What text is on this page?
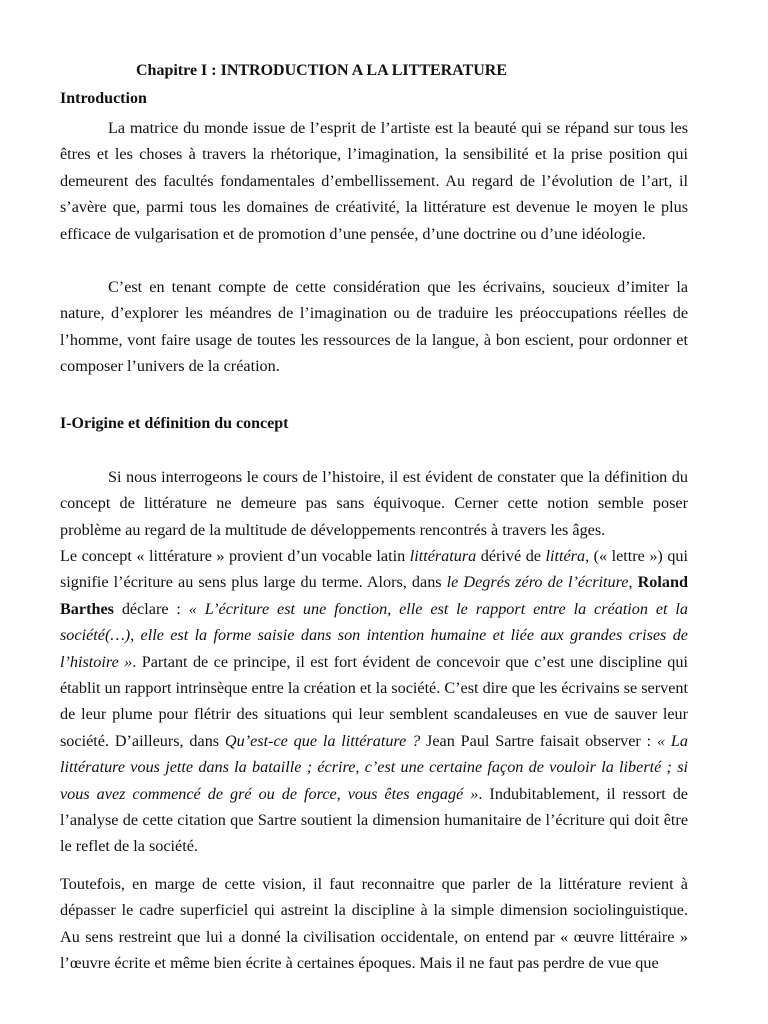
Chapitre I : INTRODUCTION A LA LITTERATURE
Introduction

La matrice du monde issue de l’esprit de l’artiste est la beauté qui se répand sur tous les êtres et les choses à travers la rhétorique, l’imagination, la sensibilité et la prise position qui demeurent des facultés fondamentales d’embellissement. Au regard de l’évolution de l’art, il s’avère que, parmi tous les domaines de créativité, la littérature est devenue le moyen le plus efficace de vulgarisation et de promotion d’une pensée, d’une doctrine ou d’une idéologie.

C’est en tenant compte de cette considération que les écrivains, soucieux d’imiter la nature, d’explorer les méandres de l’imagination ou de traduire les préoccupations réelles de l’homme, vont faire usage de toutes les ressources de la langue, à bon escient, pour ordonner et composer l’univers de la création.

I-Origine et définition du concept

Si nous interrogeons le cours de l’histoire, il est évident de constater que la définition du concept de littérature ne demeure pas sans équivoque. Cerner cette notion semble poser problème au regard de la multitude de développements rencontrés à travers les âges.

Le concept « littérature » provient d’un vocable latin littératura dérivé de littéra, (« lettre ») qui signifie l’écriture au sens plus large du terme. Alors, dans le Degrés zéro de l’écriture, Roland Barthes déclare : « L’écriture est une fonction, elle est le rapport entre la création et la société(…), elle est la forme saisie dans son intention humaine et liée aux grandes crises de l’histoire ». Partant de ce principe, il est fort évident de concevoir que c’est une discipline qui établit un rapport intrinsèque entre la création et la société. C’est dire que les écrivains se servent de leur plume pour flétrir des situations qui leur semblent scandaleuses en vue de sauver leur société. D’ailleurs, dans Qu’est-ce que la littérature ? Jean Paul Sartre faisait observer : « La littérature vous jette dans la bataille ; écrire, c’est une certaine façon de vouloir la liberté ; si vous avez commencé de gré ou de force, vous êtes engagé ». Indubitablement, il ressort de l’analyse de cette citation que Sartre soutient la dimension humanitaire de l’écriture qui doit être le reflet de la société.

Toutefois, en marge de cette vision, il faut reconnaitre que parler de la littérature revient à dépasser le cadre superficiel qui astreint la discipline à la simple dimension sociolinguistique. Au sens restreint que lui a donné la civilisation occidentale, on entend par « œuvre littéraire » l’œuvre écrite et même bien écrite à certaines époques. Mais il ne faut pas perdre de vue que
